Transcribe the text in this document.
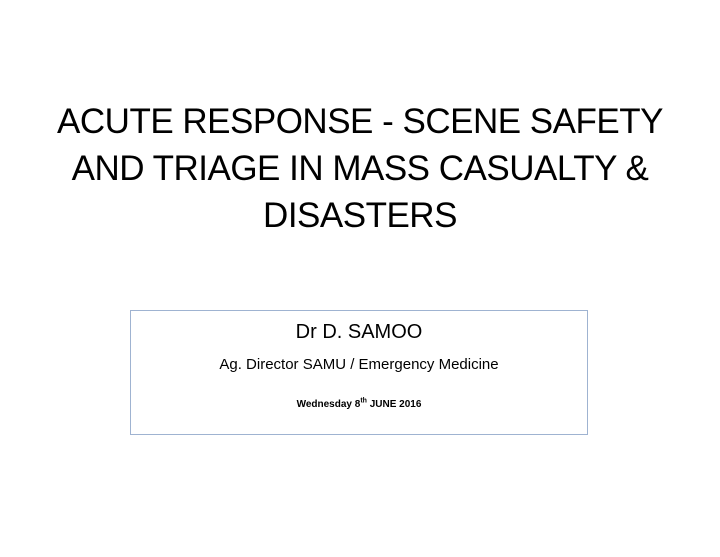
ACUTE RESPONSE - SCENE SAFETY
AND TRIAGE IN MASS CASUALTY &
DISASTERS
Dr D. SAMOO
Ag. Director SAMU / Emergency Medicine
Wednesday 8th JUNE 2016
